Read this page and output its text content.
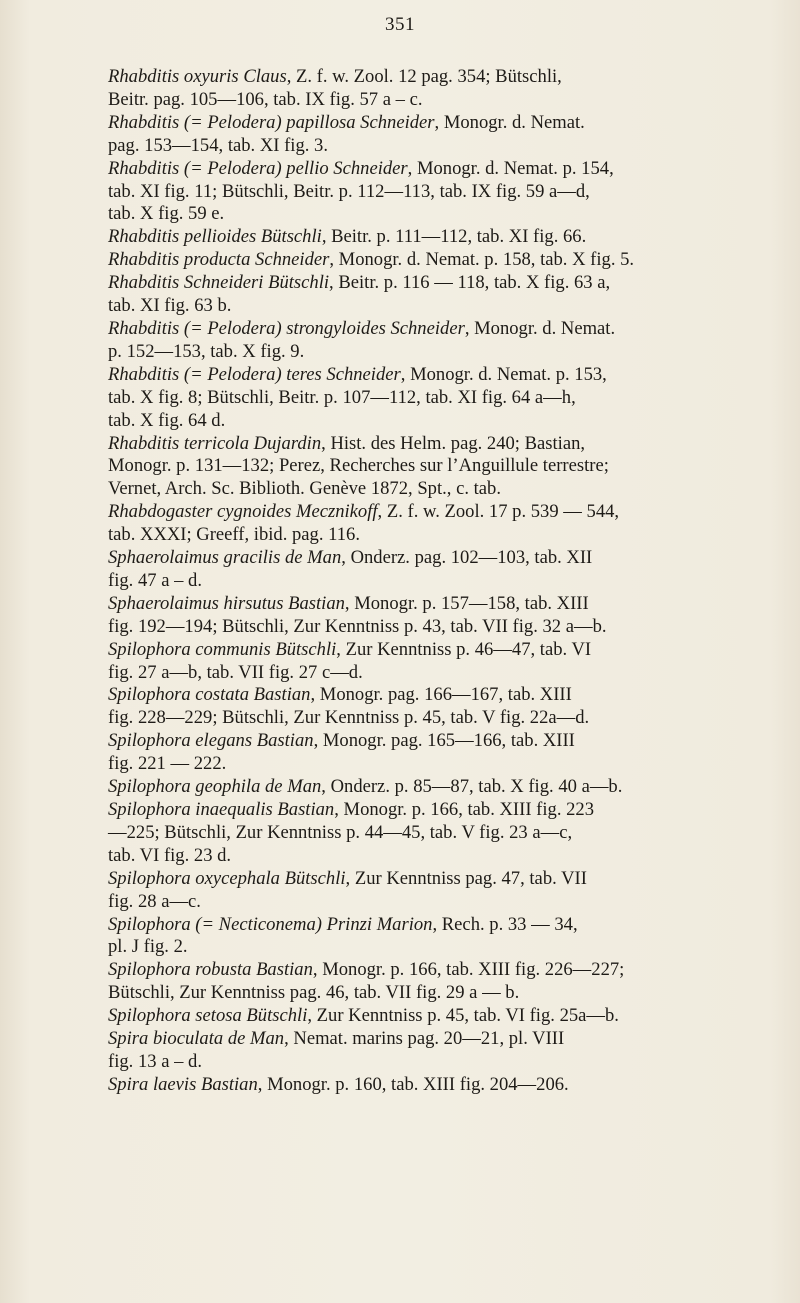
351

Rhabditis oxyuris Claus, Z. f. w. Zool. 12 pag. 354; Bütschli,
Beitr. pag. 105—106, tab. IX fig. 57 a – c.

Rhabditis (= Pelodera) papillosa Schneider, Monogr. d. Nemat.
pag. 153—154, tab. XI fig. 3.

Rhabditis (= Pelodera) pellio Schneider, Monogr. d. Nemat. p. 154,
tab. XI fig. 11; Bütschli, Beitr. p. 112—113, tab. IX fig. 59 a—d,
tab. X fig. 59 e.

Rhabditis pellioides Bütschli, Beitr. p. 111—112, tab. XI fig. 66.

Rhabditis producta Schneider, Monogr. d. Nemat. p. 158, tab. X fig. 5.

Rhabditis Schneideri Bütschli, Beitr. p. 116 — 118, tab. X fig. 63 a,
tab. XI fig. 63 b.

Rhabditis (= Pelodera) strongyloides Schneider, Monogr. d. Nemat.
p. 152—153, tab. X fig. 9.

Rhabditis (= Pelodera) teres Schneider, Monogr. d. Nemat. p. 153,
tab. X fig. 8; Bütschli, Beitr. p. 107—112, tab. XI fig. 64 a—h,
tab. X fig. 64 d.

Rhabditis terricola Dujardin, Hist. des Helm. pag. 240; Bastian,
Monogr. p. 131—132; Perez, Recherches sur l’Anguillule terrestre;
Vernet, Arch. Sc. Biblioth. Genève 1872, Spt., c. tab.

Rhabdogaster cygnoides Mecznikoff, Z. f. w. Zool. 17 p. 539 — 544,
tab. XXXI; Greeff, ibid. pag. 116.

Sphaerolaimus gracilis de Man, Onderz. pag. 102—103, tab. XII
fig. 47 a – d.

Sphaerolaimus hirsutus Bastian, Monogr. p. 157—158, tab. XIII
fig. 192—194; Bütschli, Zur Kenntniss p. 43, tab. VII fig. 32 a—b.

Spilophora communis Bütschli, Zur Kenntniss p. 46—47, tab. VI
fig. 27 a—b, tab. VII fig. 27 c—d.

Spilophora costata Bastian, Monogr. pag. 166—167, tab. XIII
fig. 228—229; Bütschli, Zur Kenntniss p. 45, tab. V fig. 22a—d.

Spilophora elegans Bastian, Monogr. pag. 165—166, tab. XIII
fig. 221 — 222.

Spilophora geophila de Man, Onderz. p. 85—87, tab. X fig. 40 a—b.

Spilophora inaequalis Bastian, Monogr. p. 166, tab. XIII fig. 223
—225; Bütschli, Zur Kenntniss p. 44—45, tab. V fig. 23 a—c,
tab. VI fig. 23 d.

Spilophora oxycephala Bütschli, Zur Kenntniss pag. 47, tab. VII
fig. 28 a—c.

Spilophora (= Necticonema) Prinzi Marion, Rech. p. 33 — 34,
pl. J fig. 2.

Spilophora robusta Bastian, Monogr. p. 166, tab. XIII fig. 226—227;
Bütschli, Zur Kenntniss pag. 46, tab. VII fig. 29 a — b.

Spilophora setosa Bütschli, Zur Kenntniss p. 45, tab. VI fig. 25a—b.

Spira bioculata de Man, Nemat. marins pag. 20—21, pl. VIII
fig. 13 a – d.

Spira laevis Bastian, Monogr. p. 160, tab. XIII fig. 204—206.
